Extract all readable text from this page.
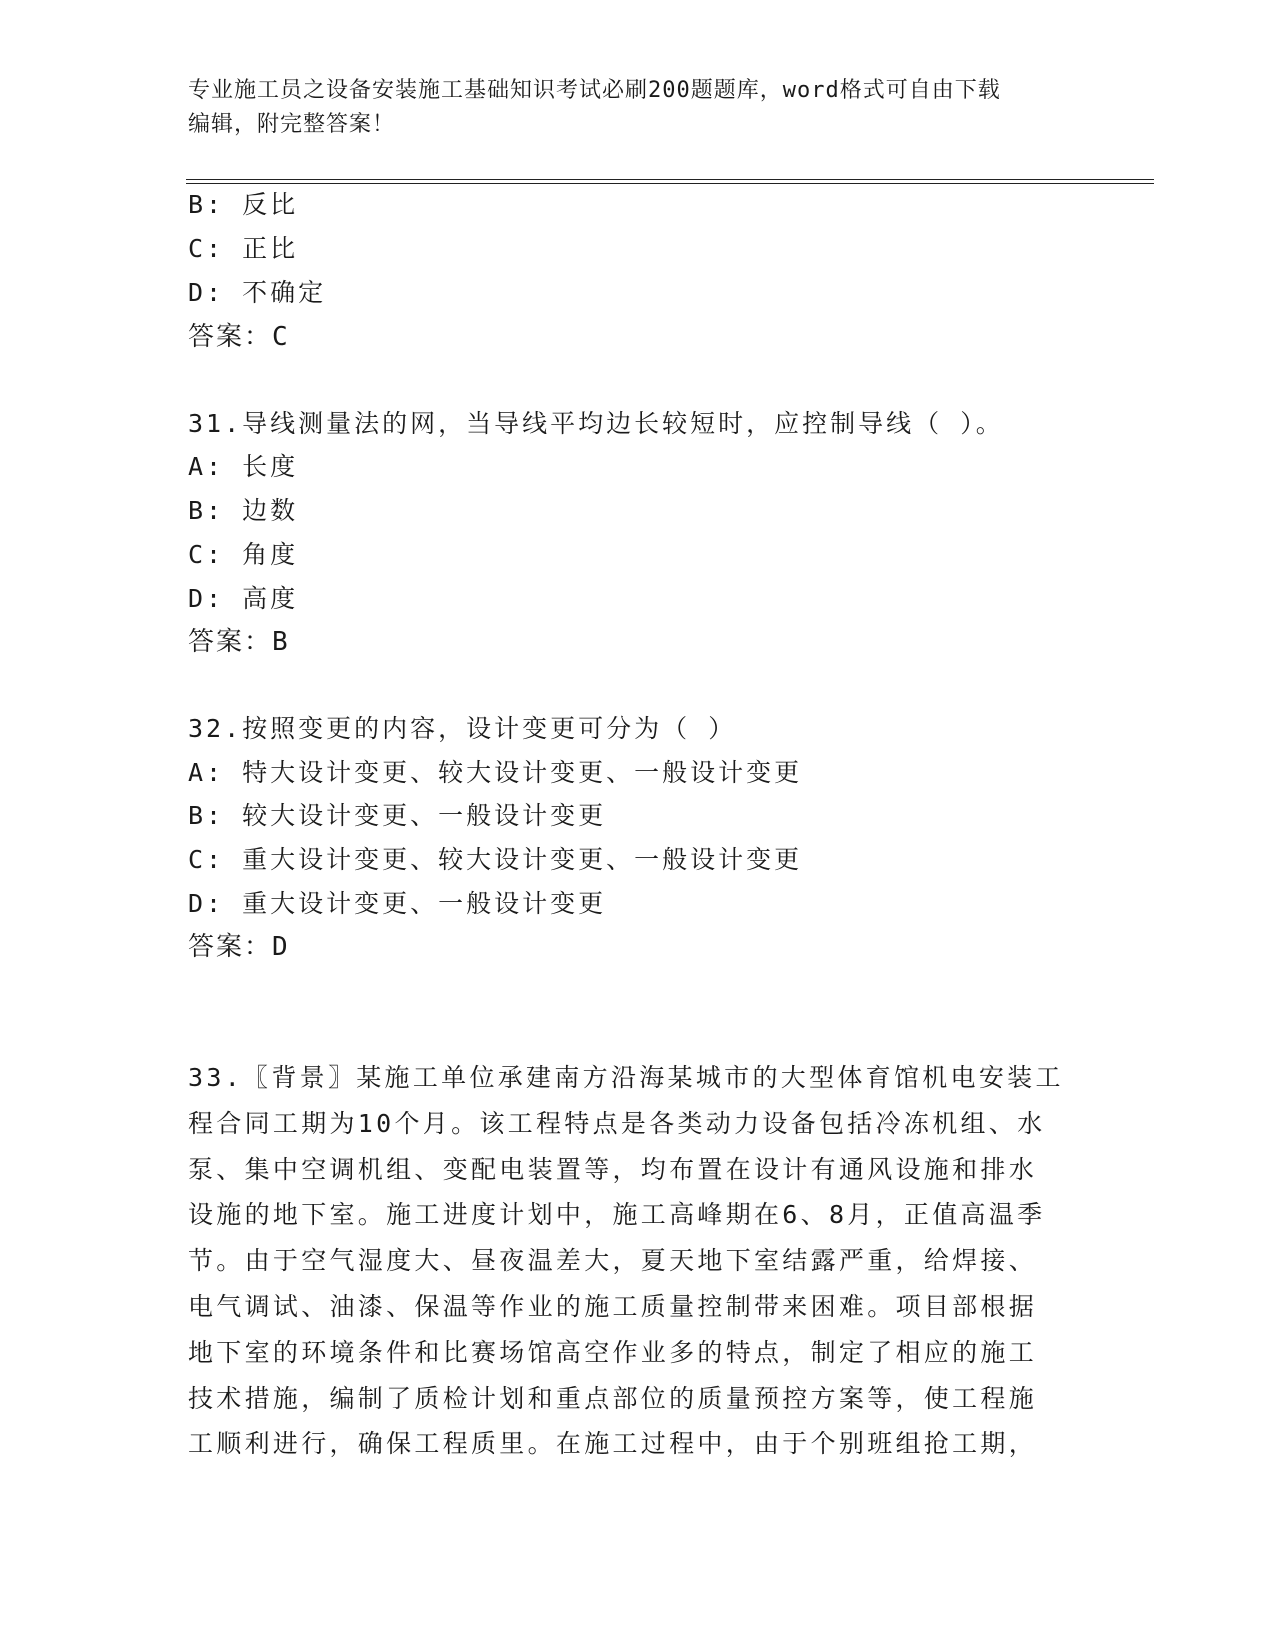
专业施工员之设备安装施工基础知识考试必刷200题题库，word格式可自由下载
编辑，附完整答案！
B: 反比
C: 正比
D: 不确定
答案：C
31.导线测量法的网，当导线平均边长较短时，应控制导线（ ）。
A: 长度
B: 边数
C: 角度
D: 高度
答案：B
32.按照变更的内容，设计变更可分为（ ）
A: 特大设计变更、较大设计变更、一般设计变更
B: 较大设计变更、一般设计变更
C: 重大设计变更、较大设计变更、一般设计变更
D: 重大设计变更、一般设计变更
答案：D
33.〖背景〗某施工单位承建南方沿海某城市的大型体育馆机电安装工
程合同工期为10个月。该工程特点是各类动力设备包括冷冻机组、水
泵、集中空调机组、变配电装置等，均布置在设计有通风设施和排水
设施的地下室。施工进度计划中，施工高峰期在6、8月，正值高温季
节。由于空气湿度大、昼夜温差大，夏天地下室结露严重，给焊接、
电气调试、油漆、保温等作业的施工质量控制带来困难。项目部根据
地下室的环境条件和比赛场馆高空作业多的特点，制定了相应的施工
技术措施，编制了质检计划和重点部位的质量预控方案等，使工程施
工顺利进行，确保工程质里。在施工过程中，由于个别班组抢工期，
